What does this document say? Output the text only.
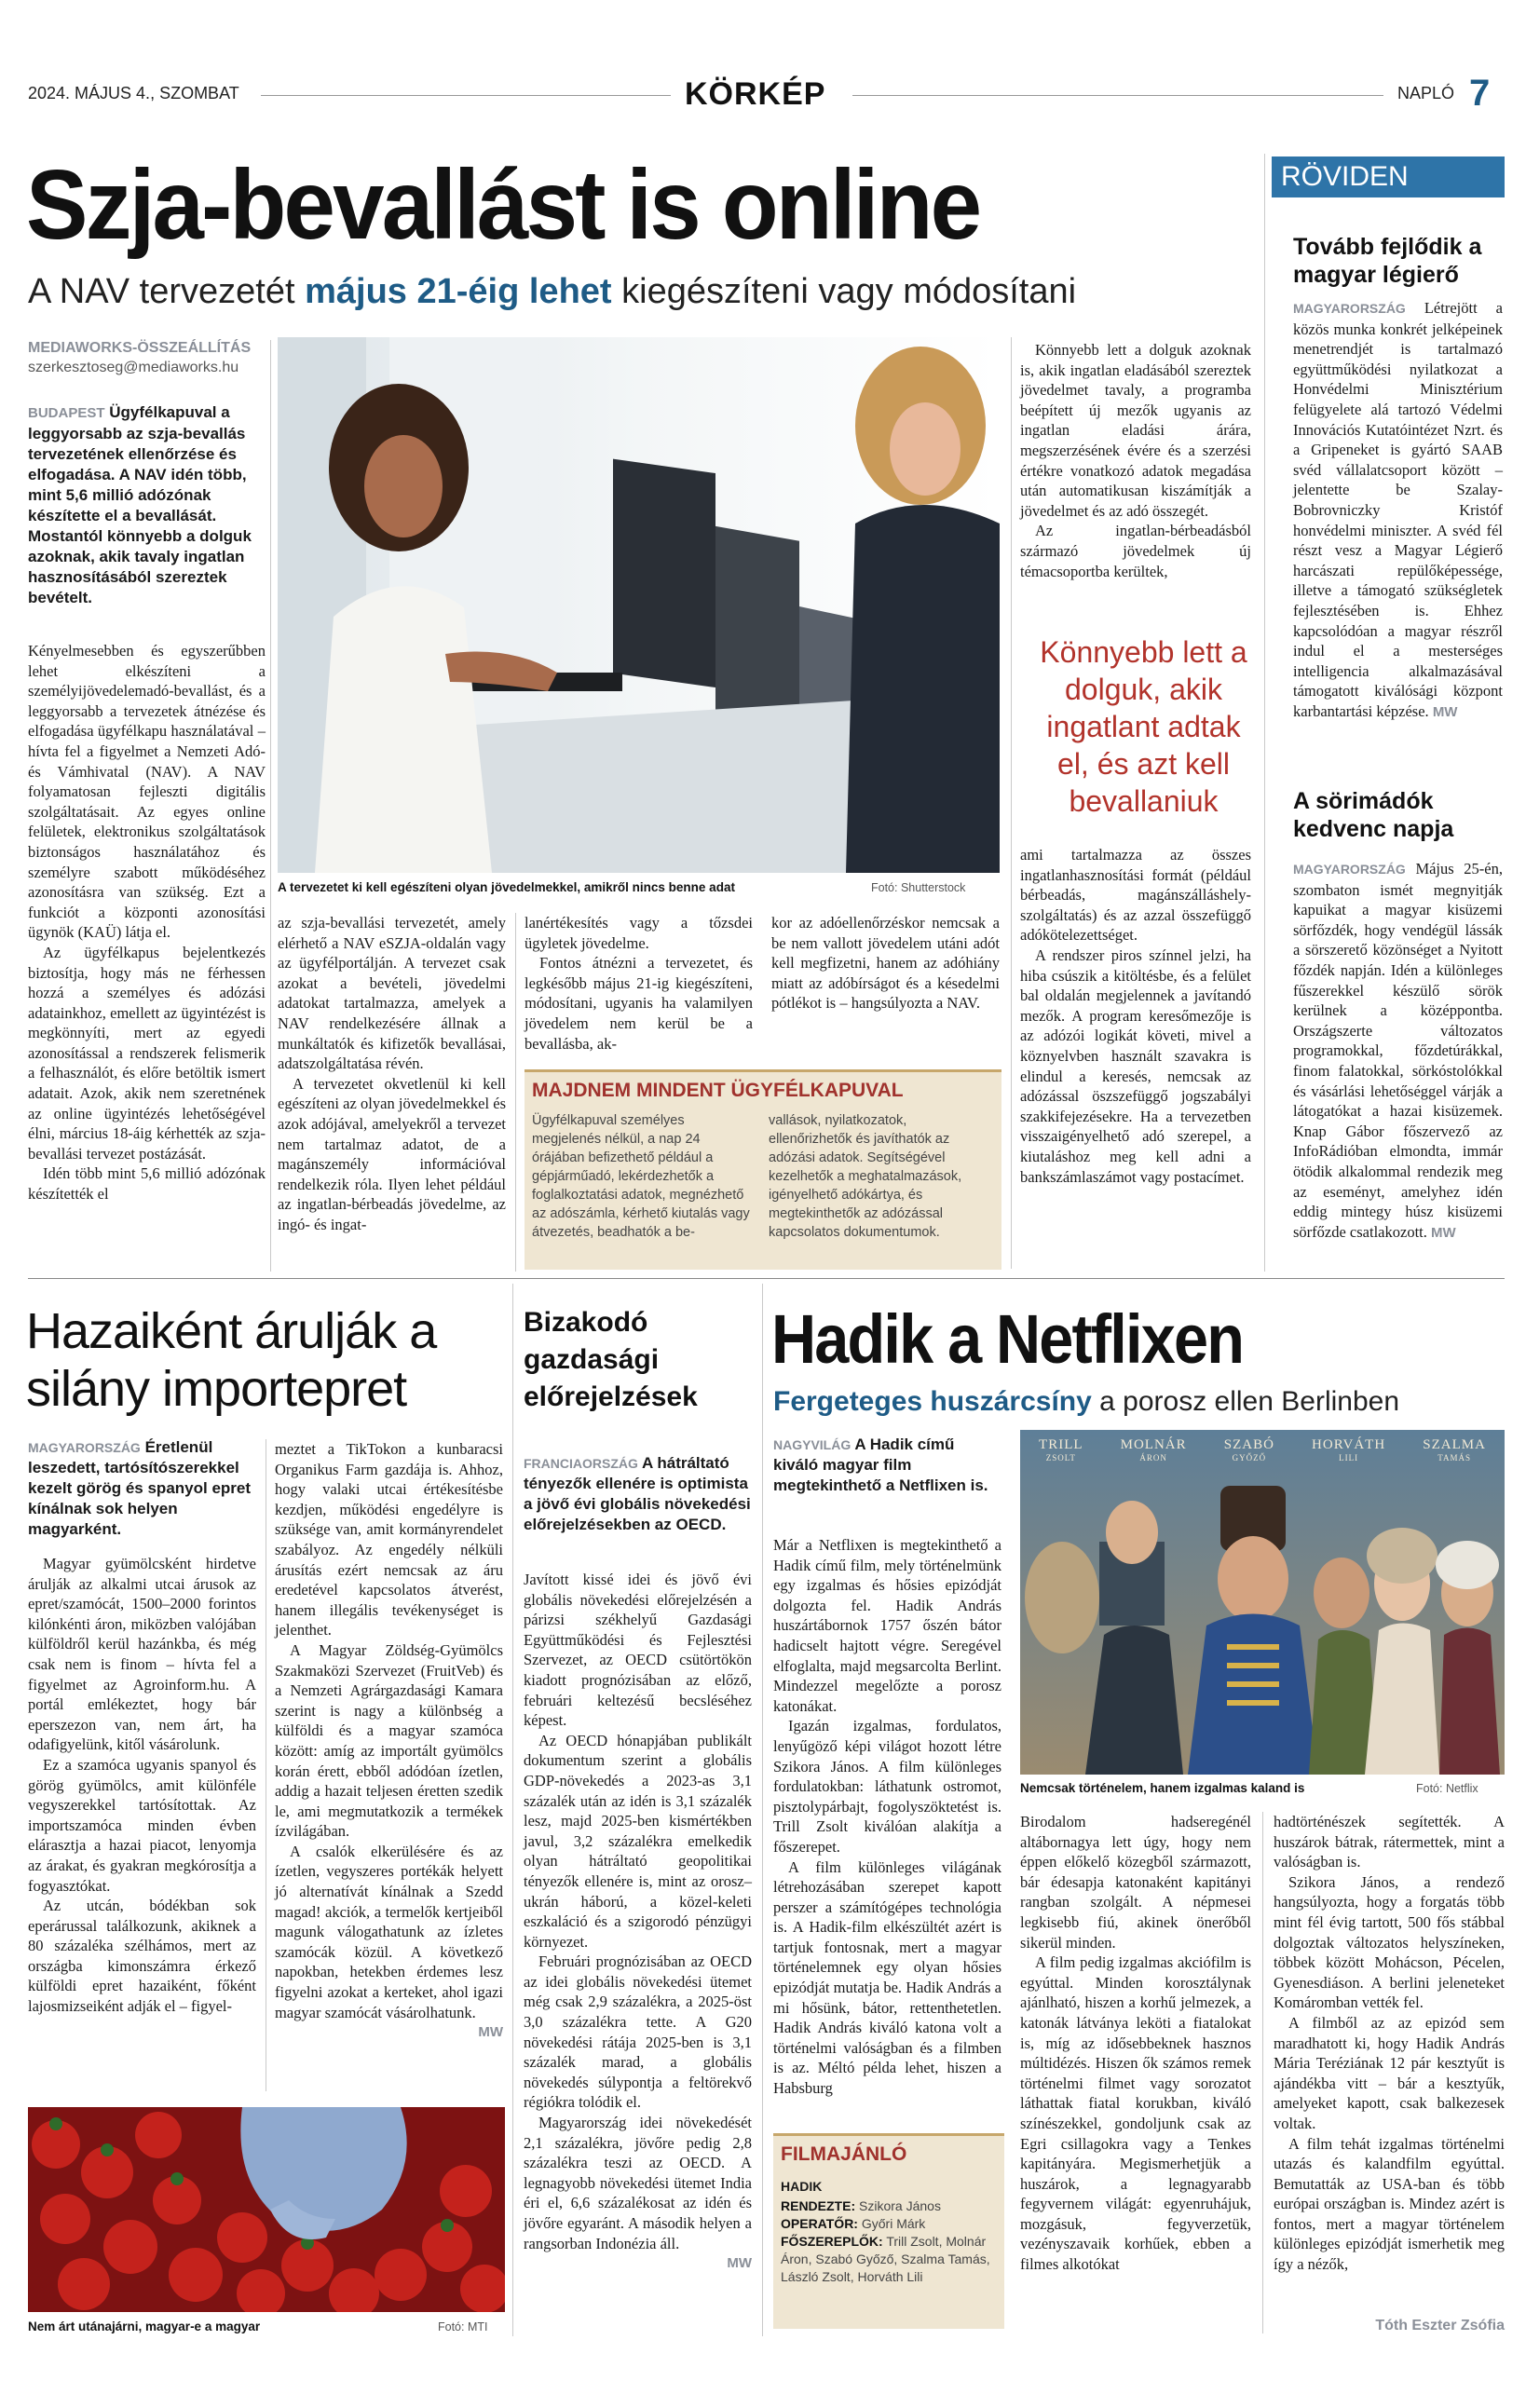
2024. MÁJUS 4., SZOMBAT	KÖRKÉP	NAPLÓ 7
Szja-bevallást is online
A NAV tervezetét május 21-éig lehet kiegészíteni vagy módosítani
MEDIAWORKS-ÖSSZEÁLLÍTÁS
szerkesztoseg@mediaworks.hu
BUDAPEST Ügyfélkapuval a leggyorsabb az szja-bevallás tervezetének ellenőrzése és elfogadása. A NAV idén több, mint 5,6 millió adózónak készítette el a bevallását. Mostantól könnyebb a dolguk azoknak, akik tavaly ingatlan hasznosításából szereztek bevételt.

Kényelmesebben és egyszerűbben lehet elkészíteni a személyijövedelemadó-bevallást, és a leggyorsabb a tervezetek átnézése és elfogadása ügyfélkapu használatával – hívta fel a figyelmet a Nemzeti Adó- és Vámhivatal (NAV). A NAV folyamatosan fejleszti digitális szolgáltatásait. Az egyes online felületek, elektronikus szolgáltatások biztonságos használatához és személyre szabott működéséhez azonosításra van szükség. Ezt a funkciót a központi azonosítási ügynök (KAÜ) látja el.

Az ügyfélkapus bejelentkezés biztosítja, hogy más ne férhessen hozzá a személyes és adózási adatainkhoz, emellett az ügyintézést is megkönnyíti, mert az egyedi azonosítással a rendszerek felismerik a felhasználót, és előre betöltik ismert adatait. Azok, akik nem szeretnének az online ügyintézés lehetőségével élni, március 18-áig kérhették az szja-bevallási tervezet postázását.

Idén több mint 5,6 millió adózónak készítették el

A tervezetet ki kell egészíteni olyan jövedelmekkel, amikről nincs benne adat	Fotó: Shutterstock

az szja-bevallási tervezetét, amely elérhető a NAV eSZJA-oldalán vagy az ügyfélportálján. A tervezet csak azokat a bevételi, jövedelmi adatokat tartalmazza, amelyek a NAV rendelkezésére állnak a munkáltatók és kifizetők bevallásai, adatszolgáltatása révén.

A tervezetet okvetlenül ki kell egészíteni az olyan jövedelmekkel és azok adójával, amelyekről a tervezet nem tartalmaz adatot, de a magánszemély információval rendelkezik róla. Ilyen lehet például az ingatlan-bérbeadás jövedelme, az ingó- és ingat-

lanértékesítés vagy a tőzsdei ügyletek jövedelme.

Fontos átnézni a tervezetet, és legkésőbb május 21-ig kiegészíteni, módosítani, ugyanis ha valamilyen jövedelem nem kerül be a bevallásba, ak-

kor az adóellenőrzéskor nemcsak a be nem vallott jövedelem utáni adót kell megfizetni, hanem az adóhiány miatt az adóbírságot és a késedelmi pótlékot is – hangsúlyozta a NAV.

MAJDNEM MINDENT ÜGYFÉLKAPUVAL
Ügyfélkapuval személyes megjelenés nélkül, a nap 24 órájában befizethető például a gépjárműadó, lekérdezhetők a foglalkoztatási adatok, megnézhető az adószámla, kérhető kiutalás vagy átvezetés, beadhatók a be-
vallások, nyilatkozatok, ellenőrizhetők és javíthatók az adózási adatok. Segítségével kezelhetők a meghatalmazások, igényelhető adókártya, és megtekinthetők az adózással kapcsolatos dokumentumok.

Könnyebb lett a dolguk azoknak is, akik ingatlan eladásából szereztek jövedelmet tavaly, a programba beépített új mezők ugyanis az ingatlan eladási árára, megszerzésének évére és a szerzési értékre vonatkozó adatok megadása után automatikusan kiszámítják a jövedelmet és az adó összegét.

Az ingatlan-bérbeadásból származó jövedelmek új témacsoportba kerültek,

Könnyebb lett a dolguk, akik ingatlant adtak el, és azt kell bevallaniuk

ami tartalmazza az összes ingatlanhasznosítási formát (például bérbeadás, magánszálláshely-szolgáltatás) és az azzal összefüggő adókötelezettséget.

A rendszer piros színnel jelzi, ha hiba csúszik a kitöltésbe, és a felület bal oldalán megjelennek a javítandó mezők. A program keresőmezője is az adózói logikát követi, mivel a köznyelvben használt szavakra is elindul a keresés, nemcsak az adózással öszszefüggő jogszabályi szakkifejezésekre. Ha a tervezetben visszaigényelhető adó szerepel, a kiutaláshoz meg kell adni a bankszámlaszámot vagy postacímet.

RÖVIDEN
Tovább fejlődik a magyar légierő
MAGYARORSZÁG Létrejött a közös munka konkrét jelképeinek menetrendjét is tartalmazó együttműködési nyilatkozat a Honvédelmi Minisztérium felügyelete alá tartozó Védelmi Innovációs Kutatóintézet Nzrt. és a Gripeneket is gyártó SAAB svéd vállalatcsoport között – jelentette be Szalay-Bobrovniczky Kristóf honvédelmi miniszter. A svéd fél részt vesz a Magyar Légierő harcászati repülőképessége, illetve a támogató szükségletek fejlesztésében is. Ehhez kapcsolódóan a magyar részről indul el a mesterséges intelligencia alkalmazásával támogatott kiválósági központ karbantartási képzése. MW
A sörimádók kedvenc napja
MAGYARORSZÁG Május 25-én, szombaton ismét megnyitják kapuikat a magyar kisüzemi sörfőzdék, hogy vendégül lássák a sörszerető közönséget a Nyitott főzdék napján. Idén a különleges fűszerekkel készülő sörök kerülnek a középpontba. Országszerte változatos programokkal, főzdetúrákkal, finom falatokkal, sörkóstolókkal és vásárlási lehetőséggel várják a látogatókat a hazai kisüzemek. Knap Gábor főszervező az InfoRádióban elmondta, immár ötödik alkalommal rendezik meg az eseményt, amelyhez idén eddig mintegy húsz kisüzemi sörfőzde csatlakozott. MW
Hazaiként árulják a silány importepret
MAGYARORSZÁG Éretlenül leszedett, tartósítószerekkel kezelt görög és spanyol epret kínálnak sok helyen magyarként.

Magyar gyümölcsként hirdetve árulják az alkalmi utcai árusok az epret/szamócát, 1500–2000 forintos kilónkénti áron, miközben valójában külföldről kerül hazánkba, és még csak nem is finom – hívta fel a figyelmet az Agroinform.hu. A portál emlékeztet, hogy bár eperszezon van, nem árt, ha odafigyelünk, kitől vásárolunk.

Ez a szamóca ugyanis spanyol és görög gyümölcs, amit különféle vegyszerekkel tartósítottak. Az importszamóca minden évben elárasztja a hazai piacot, lenyomja az árakat, és gyakran megkórosítja a fogyasztókat.

Az utcán, bódékban sok eperárussal találkozunk, akiknek a 80 százaléka szélhámos, mert az országba kimonszámra érkező külföldi epret hazaiként, főként lajosmizseiként adják el – figyel-

meztet a TikTokon a kunbaracsi Organikus Farm gazdája is. Ahhoz, hogy valaki utcai értékesítésbe kezdjen, működési engedélyre is szüksége van, amit kormányrendelet szabályoz. Az engedély nélküli árusítás ezért nemcsak az áru eredetével kapcsolatos átverést, hanem illegális tevékenységet is jelenthet.

A Magyar Zöldség-Gyümölcs Szakmaközi Szervezet (FruitVeb) és a Nemzeti Agrárgazdasági Kamara szerint is nagy a különbség a külföldi és a magyar szamóca között: amíg az importált gyümölcs korán érett, ebből adódóan ízetlen, addig a hazait teljesen éretten szedik le, ami megmutatkozik a termékek ízvilágában.

A csalók elkerülésére és az ízetlen, vegyszeres portékák helyett jó alternatívát kínálnak a Szedd magad! akciók, a termelők kertjeiből magunk válogathatunk az ízletes szamócák közül. A következő napokban, hetekben érdemes lesz figyelni azokat a kerteket, ahol igazi magyar szamócát vásárolhatunk.

MW
Nem árt utánajárni, magyar-e a magyar	Fotó: MTI
Bizakodó gazdasági előrejelzések
FRANCIAORSZÁG A hátráltató tényezők ellenére is optimista a jövő évi globális növekedési előrejelzésekben az OECD.

Javított kissé idei és jövő évi globális növekedési előrejelzésén a párizsi székhelyű Gazdasági Együttműködési és Fejlesztési Szervezet, az OECD csütörtökön kiadott prognózisában az előző, februári keltezésű becsléséhez képest.

Az OECD hónapjában publikált dokumentum szerint a globális GDP-növekedés a 2023-as 3,1 százalék után az idén is 3,1 százalék lesz, majd 2025-ben kismértékben javul, 3,2 százalékra emelkedik olyan hátráltató geopolitikai tényezők ellenére is, mint az orosz–ukrán háború, a közel-keleti eszkaláció és a szigorodó pénzügyi környezet.

Februári prognózisában az OECD az idei globális növekedési ütemet még csak 2,9 százalékra, a 2025-öst 3,0 százalékra tette. A G20 növekedési rátája 2025-ben is 3,1 százalék marad, a globális növekedés súlypontja a feltörekvő régiókra tolódik el.

Magyarország idei növekedését 2,1 százalékra, jövőre pedig 2,8 százalékra teszi az OECD. A legnagyobb növekedési ütemet India éri el, 6,6 százalékosat az idén és jövőre egyaránt. A második helyen a rangsorban Indonézia áll.

MW
Hadik a Netflixen
Fergeteges huszárcsíny a porosz ellen Berlinben
NAGYVILÁG A Hadik című kiváló magyar film megtekinthető a Netflixen is.

Már a Netflixen is megtekinthető a Hadik című film, mely történelmünk egy izgalmas és hősies epizódját dolgozta fel. Hadik András huszártábornok 1757 őszén bátor hadicselt hajtott végre. Seregével elfoglalta, majd megsarcolta Berlint. Mindezzel megelőzte a porosz katonákat.

Igazán izgalmas, fordulatos, lenyűgöző képi világot hozott létre Szikora János. A film különleges fordulatokban: láthatunk ostromot, pisztolypárbajt, fogolyszöktetést is. Trill Zsolt kiválóan alakítja a főszerepet.

A film különleges világának létrehozásában szerepet kapott perszer a számítógépes technológia is. A Hadik-film elkészültét azért is tartjuk fontosnak, mert a magyar történelemnek egy olyan hősies epizódját mutatja be. Hadik András a mi hősünk, bátor, rettenthetetlen. Hadik András kiváló katona volt a történelmi valóságban és a filmben is az. Méltó példa lehet, hiszen a Habsburg

TRILL
ZSOLT
MOLNÁR
ÁRON
SZABÓ
GYŐZŐ
HORVÁTH
LILI
SZALMA
TAMÁS
Nemcsak történelem, hanem izgalmas kaland is	Fotó: Netflix

Birodalom hadseregénél altábornagya lett úgy, hogy nem éppen előkelő közegből származott, bár édesapja katonaként kapitányi rangban szolgált. A népmesei legkisebb fiú, akinek önerőből sikerül minden.

A film pedig izgalmas akciófilm is egyúttal. Minden korosztálynak ajánlható, hiszen a korhű jelmezek, a katonák látványa leköti a fiatalokat is, míg az idősebbeknek hasznos múltidézés. Hiszen ők számos remek történelmi filmet vagy sorozatot láthattak fiatal korukban, kiváló színészekkel, gondoljunk csak az Egri csillagokra vagy a Tenkes kapitányára. Megismerhetjük a huszárok, a legnagyarabb fegyvernem világát: egyenruhájuk, mozgásuk, fegyverzetük, vezényszavaik korhűek, ebben a filmes alkotókat

hadtörténészek segítették. A huszárok bátrak, rátermettek, mint a valóságban is.

Szikora János, a rendező hangsúlyozta, hogy a forgatás több mint fél évig tartott, 500 fős stábbal dolgoztak változatos helyszíneken, többek között Mohácson, Pécelen, Gyenesdiáson. A berlini jeleneteket Komáromban vették fel.

A filmből az az epizód sem maradhatott ki, hogy Hadik András Mária Teréziának 12 pár kesztyűt is ajándékba vitt – bár a kesztyűk, amelyeket kapott, csak balkezesek voltak.

A film tehát izgalmas történelmi utazás és kalandfilm egyúttal. Bemutatták az USA-ban és több európai országban is. Mindez azért is fontos, mert a magyar történelem különleges epizódját ismerhetik meg így a nézők,

Tóth Eszter Zsófia
FILMAJÁNLÓ
HADIK
RENDEZTE: Szikora János
OPERATŐR: Győri Márk
FŐSZEREPLŐK: Trill Zsolt, Molnár Áron, Szabó Győző, Szalma Tamás, László Zsolt, Horváth Lili
